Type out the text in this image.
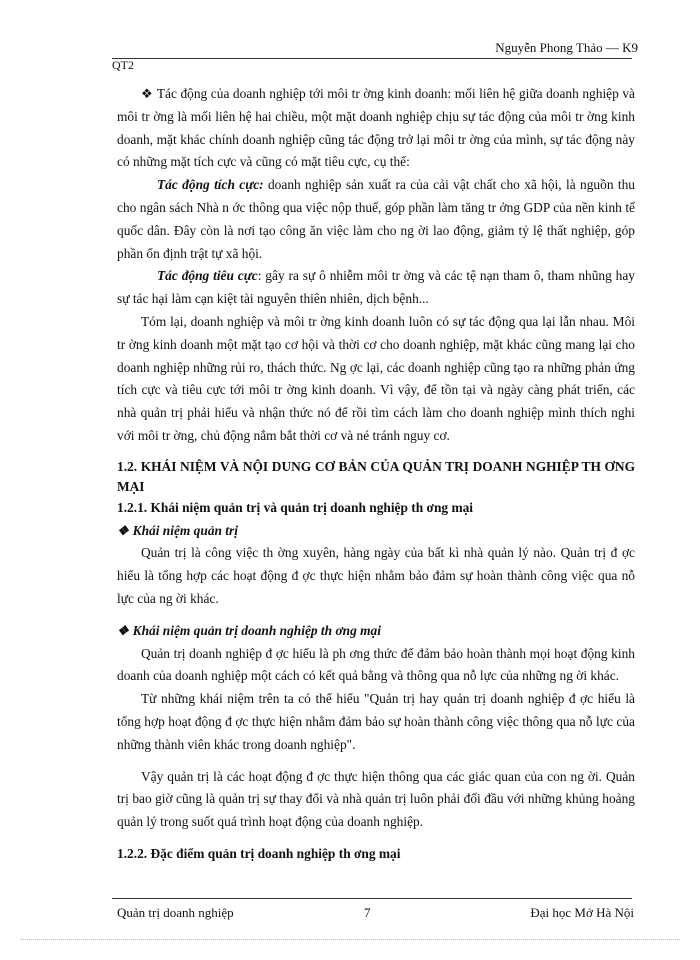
Nguyễn Phong Thảo — K9
QT2

❖ Tác động của doanh nghiệp tới môi tr ờng kinh doanh: mối liên hệ giữa doanh nghiệp và môi tr ờng là mối liên hệ hai chiều, một mặt doanh nghiệp chịu sự tác động của môi tr ờng kinh doanh, mặt khác chính doanh nghiệp cũng tác động trở lại môi tr ờng của mình, sự tác động này có những mặt tích cực và cũng có mặt tiêu cực, cụ thể:

Tác động tích cực: doanh nghiệp sản xuất ra của cải vật chất cho xã hội, là nguồn thu cho ngân sách Nhà n ớc thông qua việc nộp thuế, góp phần làm tăng tr ởng GDP của nền kinh tế quốc dân. Đây còn là nơi tạo công ăn việc làm cho ng ời lao động, giảm tỷ lệ thất nghiệp, góp phần ổn định trật tự xã hội.

Tác động tiêu cực: gây ra sự ô nhiễm môi tr ờng và các tệ nạn tham ô, tham nhũng hay sự tác hại làm cạn kiệt tài nguyên thiên nhiên, dịch bệnh...

Tóm lại, doanh nghiệp và môi tr ờng kinh doanh luôn có sự tác động qua lại lẫn nhau. Môi tr ờng kinh doanh một mặt tạo cơ hội và thời cơ cho doanh nghiệp, mặt khác cũng mang lại cho doanh nghiệp những rủi ro, thách thức. Ng ợc lại, các doanh nghiệp cũng tạo ra những phản ứng tích cực và tiêu cực tới môi tr ờng kinh doanh. Vì vậy, để tồn tại và ngày càng phát triển, các nhà quản trị phải hiểu và nhận thức nó để rồi tìm cách làm cho doanh nghiệp mình thích nghi với môi tr ờng, chủ động nắm bắt thời cơ và né tránh nguy cơ.

1.2. KHÁI NIỆM VÀ NỘI DUNG CƠ BẢN CỦA QUẢN TRỊ DOANH NGHIỆP TH ƠNG MẠI

1.2.1. Khái niệm quản trị và quản trị doanh nghiệp th ơng mại

❖ Khái niệm quản trị

Quản trị là công việc th ờng xuyên, hàng ngày của bất kì nhà quản lý nào. Quản trị đ ợc hiểu là tổng hợp các hoạt động đ ợc thực hiện nhằm bảo đảm sự hoàn thành công việc qua nỗ lực của ng ời khác.

❖ Khái niệm quản trị doanh nghiệp th ơng mại

Quản trị doanh nghiệp đ ợc hiểu là ph ơng thức để đảm bảo hoàn thành mọi hoạt động kinh doanh của doanh nghiệp một cách có kết quả bằng và thông qua nỗ lực của những ng ời khác.

Từ những khái niệm trên ta có thể hiểu "Quản trị hay quản trị doanh nghiệp đ ợc hiểu là tổng hợp hoạt động đ ợc thực hiện nhằm đảm bảo sự hoàn thành công việc thông qua nỗ lực của những thành viên khác trong doanh nghiệp".

Vậy quản trị là các hoạt động đ ợc thực hiện thông qua các giác quan của con ng ời. Quản trị bao giờ cũng là quản trị sự thay đổi và nhà quản trị luôn phải đối đầu với những khủng hoảng quản lý trong suốt quá trình hoạt động của doanh nghiệp.

1.2.2. Đặc điểm quản trị doanh nghiệp th ơng mại

Quản trị doanh nghiệp	7	Đại học Mở Hà Nội
